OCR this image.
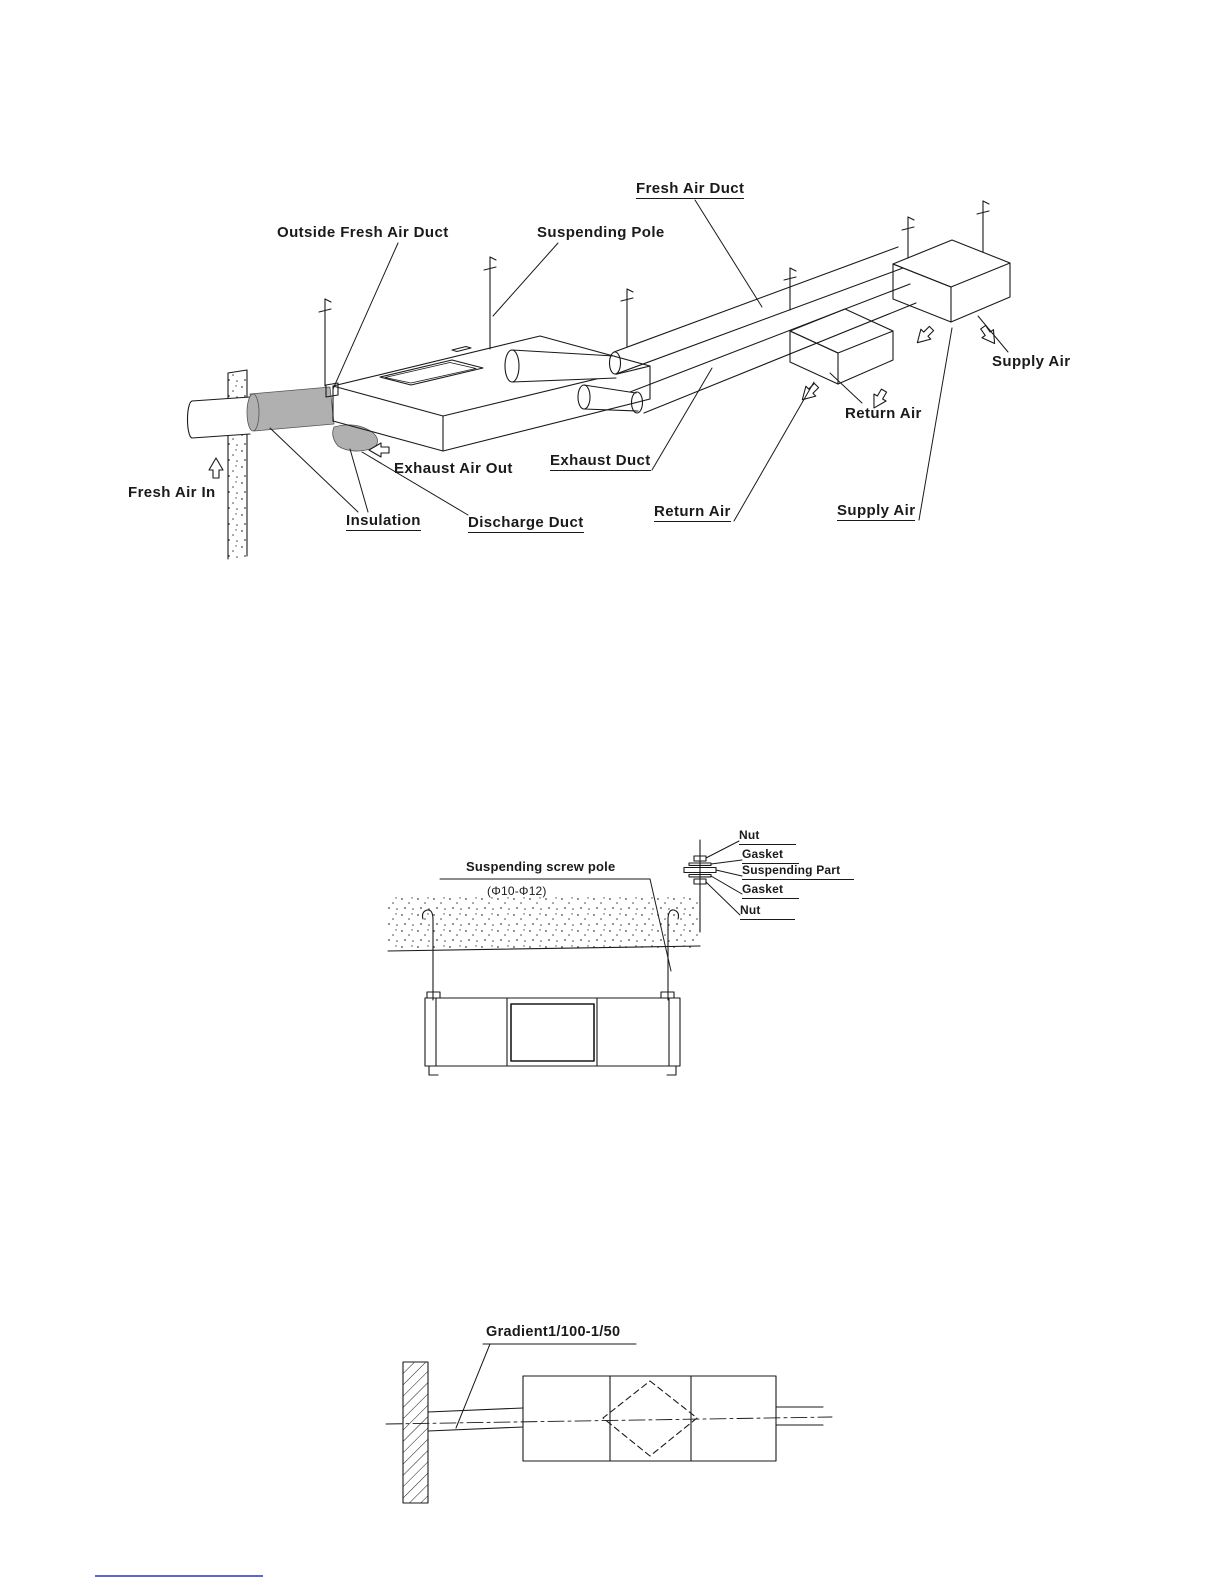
Fresh Air Duct
Outside Fresh Air Duct	Suspending Pole
Supply Air
Return Air
Exhaust Air Out Exhaust Duct
Fresh Air In
Insulation	Discharge Duct
Return Air	Supply Air
Suspending screw pole
(Φ10-Φ12)
Nut
Gasket
Suspending Part
Gasket
Nut
Gradient1/100-1/50
